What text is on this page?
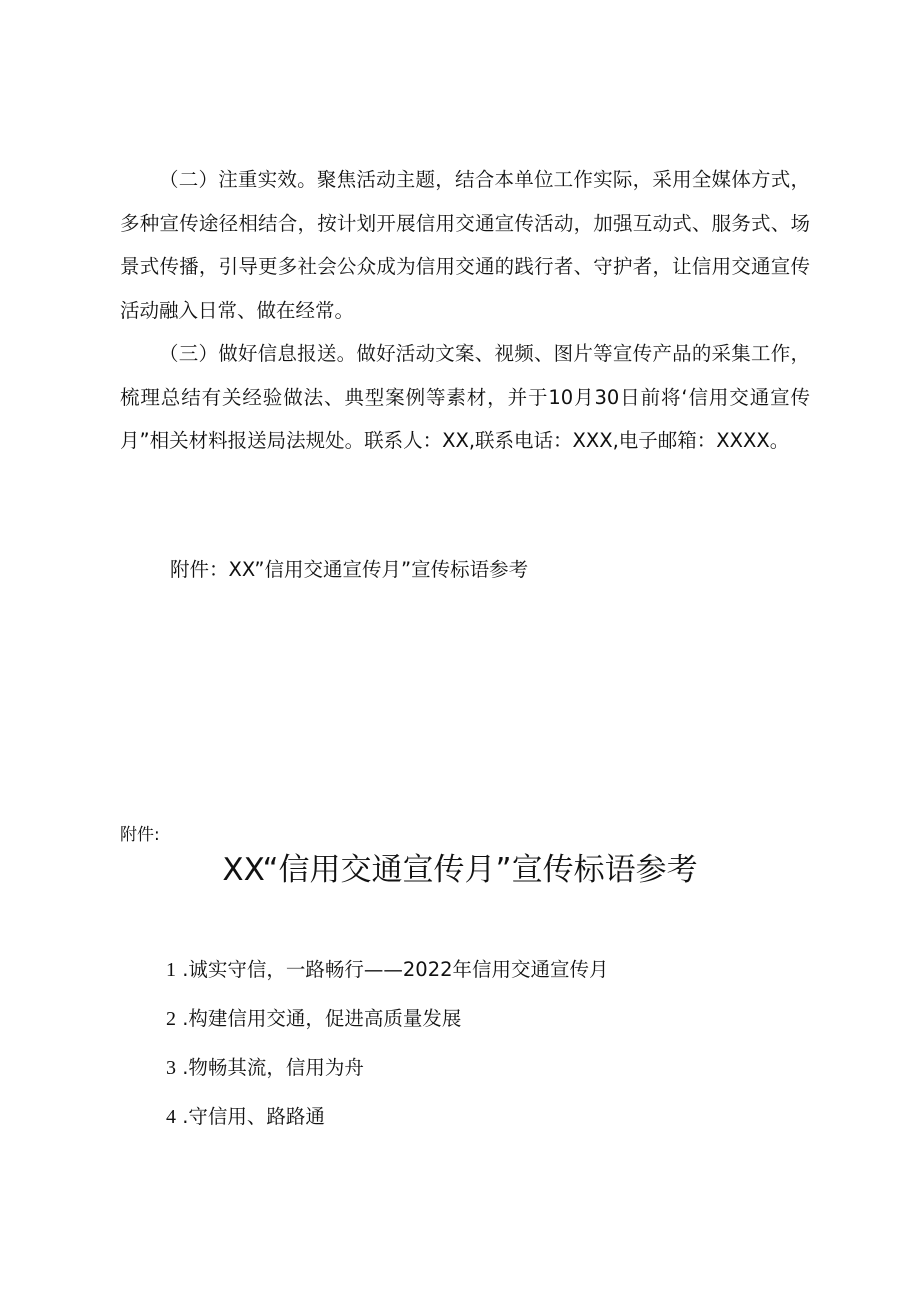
（二）注重实效。聚焦活动主题，结合本单位工作实际，采用全媒体方式，多种宣传途径相结合，按计划开展信用交通宣传活动，加强互动式、服务式、场景式传播，引导更多社会公众成为信用交通的践行者、守护者，让信用交通宣传活动融入日常、做在经常。

（三）做好信息报送。做好活动文案、视频、图片等宣传产品的采集工作，梳理总结有关经验做法、典型案例等素材，并于10月30日前将‘信用交通宣传月”相关材料报送局法规处。联系人：XX,联系电话：XXX,电子邮箱：XXXX。

附件：XX”信用交通宣传月”宣传标语参考

附件:

XX“信用交通宣传月”宣传标语参考
1 .诚实守信，一路畅行——2022年信用交通宣传月
2 .构建信用交通，促进高质量发展
3 .物畅其流，信用为舟
4 .守信用、路路通
